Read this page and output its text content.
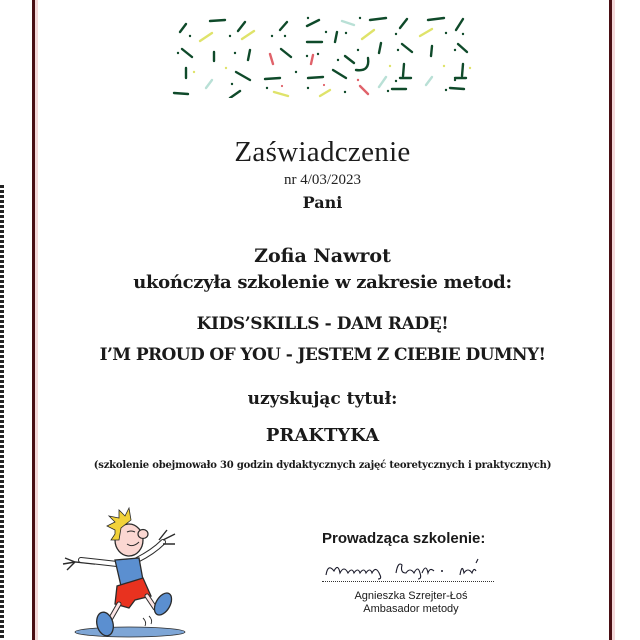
Zaświadczenie

nr 4/03/2023

Pani

Zofia Nawrot

ukończyła szkolenie w zakresie metod:

KIDS’SKILLS - DAM RADĘ!

I’M PROUD OF YOU - JESTEM Z CIEBIE DUMNY!

uzyskując tytuł:

PRAKTYKA

(szkolenie obejmowało 30 godzin dydaktycznych zajęć teoretycznych i praktycznych)

Prowadząca szkolenie:
Agnieszka Szrejter-Łoś
Ambasador metody
